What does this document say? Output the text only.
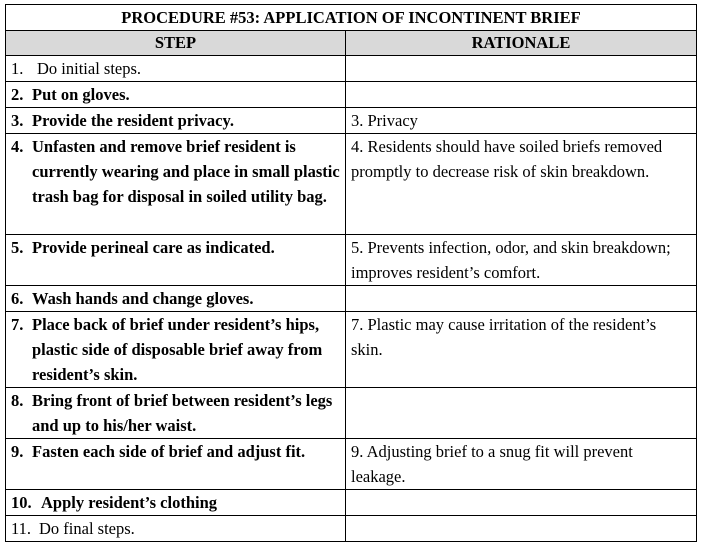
PROCEDURE #53: APPLICATION OF INCONTINENT BRIEF	
STEP	RATIONALE

1. Do initial steps.	

2. Put on gloves.	

3. Provide the resident privacy.	3. Privacy

4. Unfasten and remove brief resident is currently wearing and place in small plastic trash bag for disposal in soiled utility bag.	4. Residents should have soiled briefs removed promptly to decrease risk of skin breakdown.

5. Provide perineal care as indicated.	5. Prevents infection, odor, and skin breakdown; improves resident’s comfort.

6. Wash hands and change gloves.	

7. Place back of brief under resident’s hips, plastic side of disposable brief away from resident’s skin.	7. Plastic may cause irritation of the resident’s skin.

8. Bring front of brief between resident’s legs and up to his/her waist.	

9. Fasten each side of brief and adjust fit.	9. Adjusting brief to a snug fit will prevent leakage.

10. Apply resident’s clothing	

11. Do final steps.	
